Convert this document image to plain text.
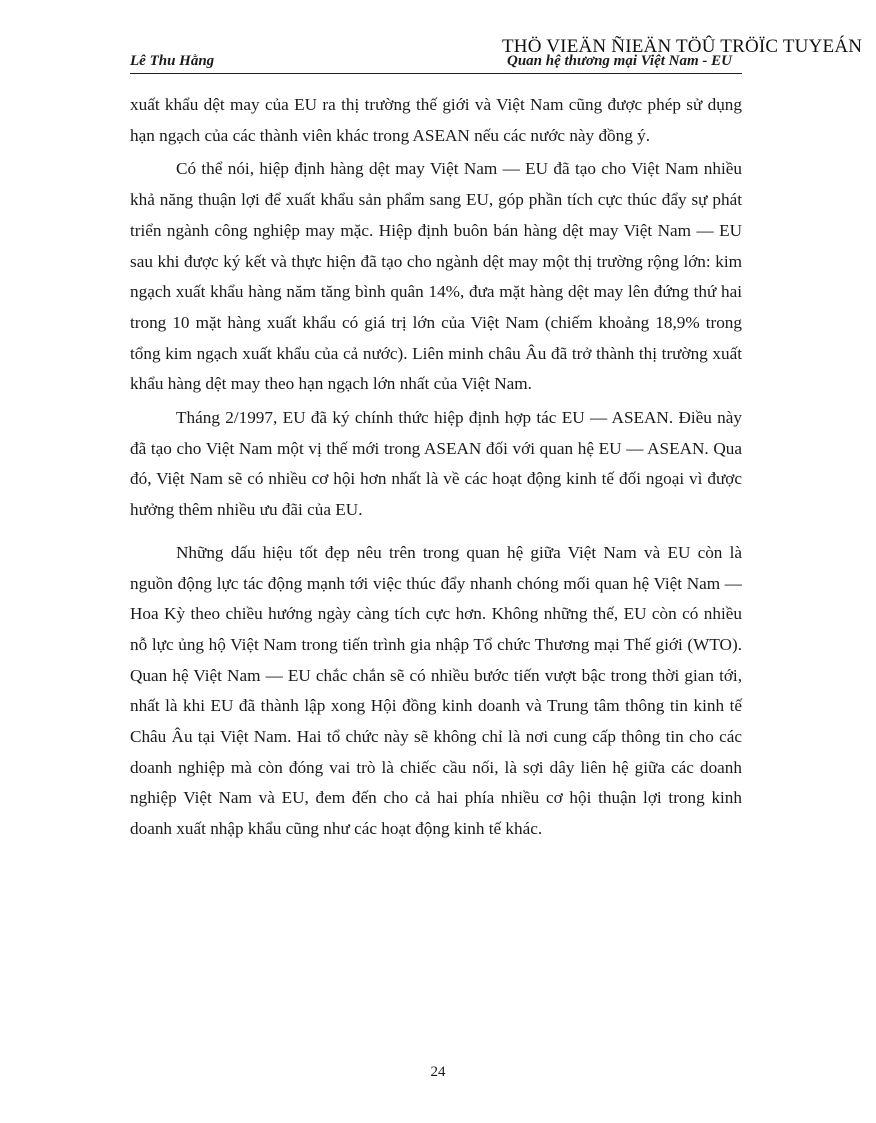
THÖ VIEÄN ÑIEÄN TÖÛ TRÖÏC TUYEÁN
Lê Thu Hằng	Quan hệ thương mại Việt Nam - EU

xuất khẩu dệt may của EU ra thị trường thế giới và Việt Nam cũng được phép sử dụng hạn ngạch của các thành viên khác trong ASEAN nếu các nước này đồng ý.

Có thể nói, hiệp định hàng dệt may Việt Nam — EU đã tạo cho Việt Nam nhiều khả năng thuận lợi để xuất khẩu sản phẩm sang EU, góp phần tích cực thúc đẩy sự phát triển ngành công nghiệp may mặc. Hiệp định buôn bán hàng dệt may Việt Nam — EU sau khi được ký kết và thực hiện đã tạo cho ngành dệt may một thị trường rộng lớn: kim ngạch xuất khẩu hàng năm tăng bình quân 14%, đưa mặt hàng dệt may lên đứng thứ hai trong 10 mặt hàng xuất khẩu có giá trị lớn của Việt Nam (chiếm khoảng 18,9% trong tổng kim ngạch xuất khẩu của cả nước). Liên minh châu Âu đã trở thành thị trường xuất khẩu hàng dệt may theo hạn ngạch lớn nhất của Việt Nam.

Tháng 2/1997, EU đã ký chính thức hiệp định hợp tác EU — ASEAN. Điều này đã tạo cho Việt Nam một vị thế mới trong ASEAN đối với quan hệ EU — ASEAN. Qua đó, Việt Nam sẽ có nhiều cơ hội hơn nhất là về các hoạt động kinh tế đối ngoại vì được hưởng thêm nhiều ưu đãi của EU.

Những dấu hiệu tốt đẹp nêu trên trong quan hệ giữa Việt Nam và EU còn là nguồn động lực tác động mạnh tới việc thúc đẩy nhanh chóng mối quan hệ Việt Nam — Hoa Kỳ theo chiều hướng ngày càng tích cực hơn. Không những thế, EU còn có nhiều nỗ lực ủng hộ Việt Nam trong tiến trình gia nhập Tổ chức Thương mại Thế giới (WTO). Quan hệ Việt Nam — EU chắc chắn sẽ có nhiều bước tiến vượt bậc trong thời gian tới, nhất là khi EU đã thành lập xong Hội đồng kinh doanh và Trung tâm thông tin kinh tế Châu Âu tại Việt Nam. Hai tổ chức này sẽ không chỉ là nơi cung cấp thông tin cho các doanh nghiệp mà còn đóng vai trò là chiếc cầu nối, là sợi dây liên hệ giữa các doanh nghiệp Việt Nam và EU, đem đến cho cả hai phía nhiều cơ hội thuận lợi trong kinh doanh xuất nhập khẩu cũng như các hoạt động kinh tế khác.

24
